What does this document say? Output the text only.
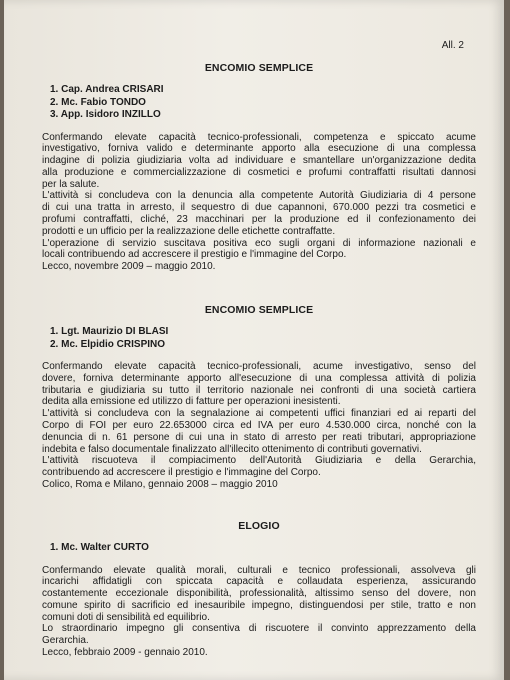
All. 2
ENCOMIO SEMPLICE
1. Cap. Andrea CRISARI
2. Mc. Fabio TONDO
3. App. Isidoro INZILLO
Confermando elevate capacità tecnico-professionali, competenza e spiccato acume
investigativo, forniva valido e determinante apporto alla esecuzione di una complessa
indagine di polizia giudiziaria volta ad individuare e smantellare un'organizzazione dedita
alla produzione e commercializzazione di cosmetici e profumi contraffatti risultati dannosi
per la salute.
L'attività si concludeva con la denuncia alla competente Autorità Giudiziaria di 4 persone
di cui una tratta in arresto, il sequestro di due capannoni, 670.000 pezzi tra cosmetici e
profumi contraffatti, cliché, 23 macchinari per la produzione ed il confezionamento dei
prodotti e un ufficio per la realizzazione delle etichette contraffatte.
L'operazione di servizio suscitava positiva eco sugli organi di informazione nazionali e
locali contribuendo ad accrescere il prestigio e l'immagine del Corpo.
Lecco, novembre 2009 – maggio 2010.
ENCOMIO SEMPLICE
1. Lgt. Maurizio DI BLASI
2. Mc. Elpidio CRISPINO
Confermando elevate capacità tecnico-professionali, acume investigativo, senso del
dovere, forniva determinante apporto all'esecuzione di una complessa attività di polizia
tributaria e giudiziaria su tutto il territorio nazionale nei confronti di una società cartiera
dedita alla emissione ed utilizzo di fatture per operazioni inesistenti.
L'attività si concludeva con la segnalazione ai competenti uffici finanziari ed ai reparti del
Corpo di FOI per euro 22.653000 circa ed IVA per euro 4.530.000 circa, nonché con la
denuncia di n. 61 persone di cui una in stato di arresto per reati tributari, appropriazione
indebita e falso documentale finalizzato all'illecito ottenimento di contributi governativi.
L'attività riscuoteva il compiacimento dell'Autorità Giudiziaria e della Gerarchia,
contribuendo ad accrescere il prestigio e l'immagine del Corpo.
Colico, Roma e Milano, gennaio 2008 – maggio 2010
ELOGIO
1. Mc. Walter CURTO
Confermando elevate qualità morali, culturali e tecnico professionali, assolveva gli
incarichi affidatigli con spiccata capacità e collaudata esperienza, assicurando
costantemente eccezionale disponibilità, professionalità, altissimo senso del dovere, non
comune spirito di sacrificio ed inesauribile impegno, distinguendosi per stile, tratto e non
comuni doti di sensibilità ed equilibrio.
Lo straordinario impegno gli consentiva di riscuotere il convinto apprezzamento della
Gerarchia.
Lecco, febbraio 2009 - gennaio 2010.
